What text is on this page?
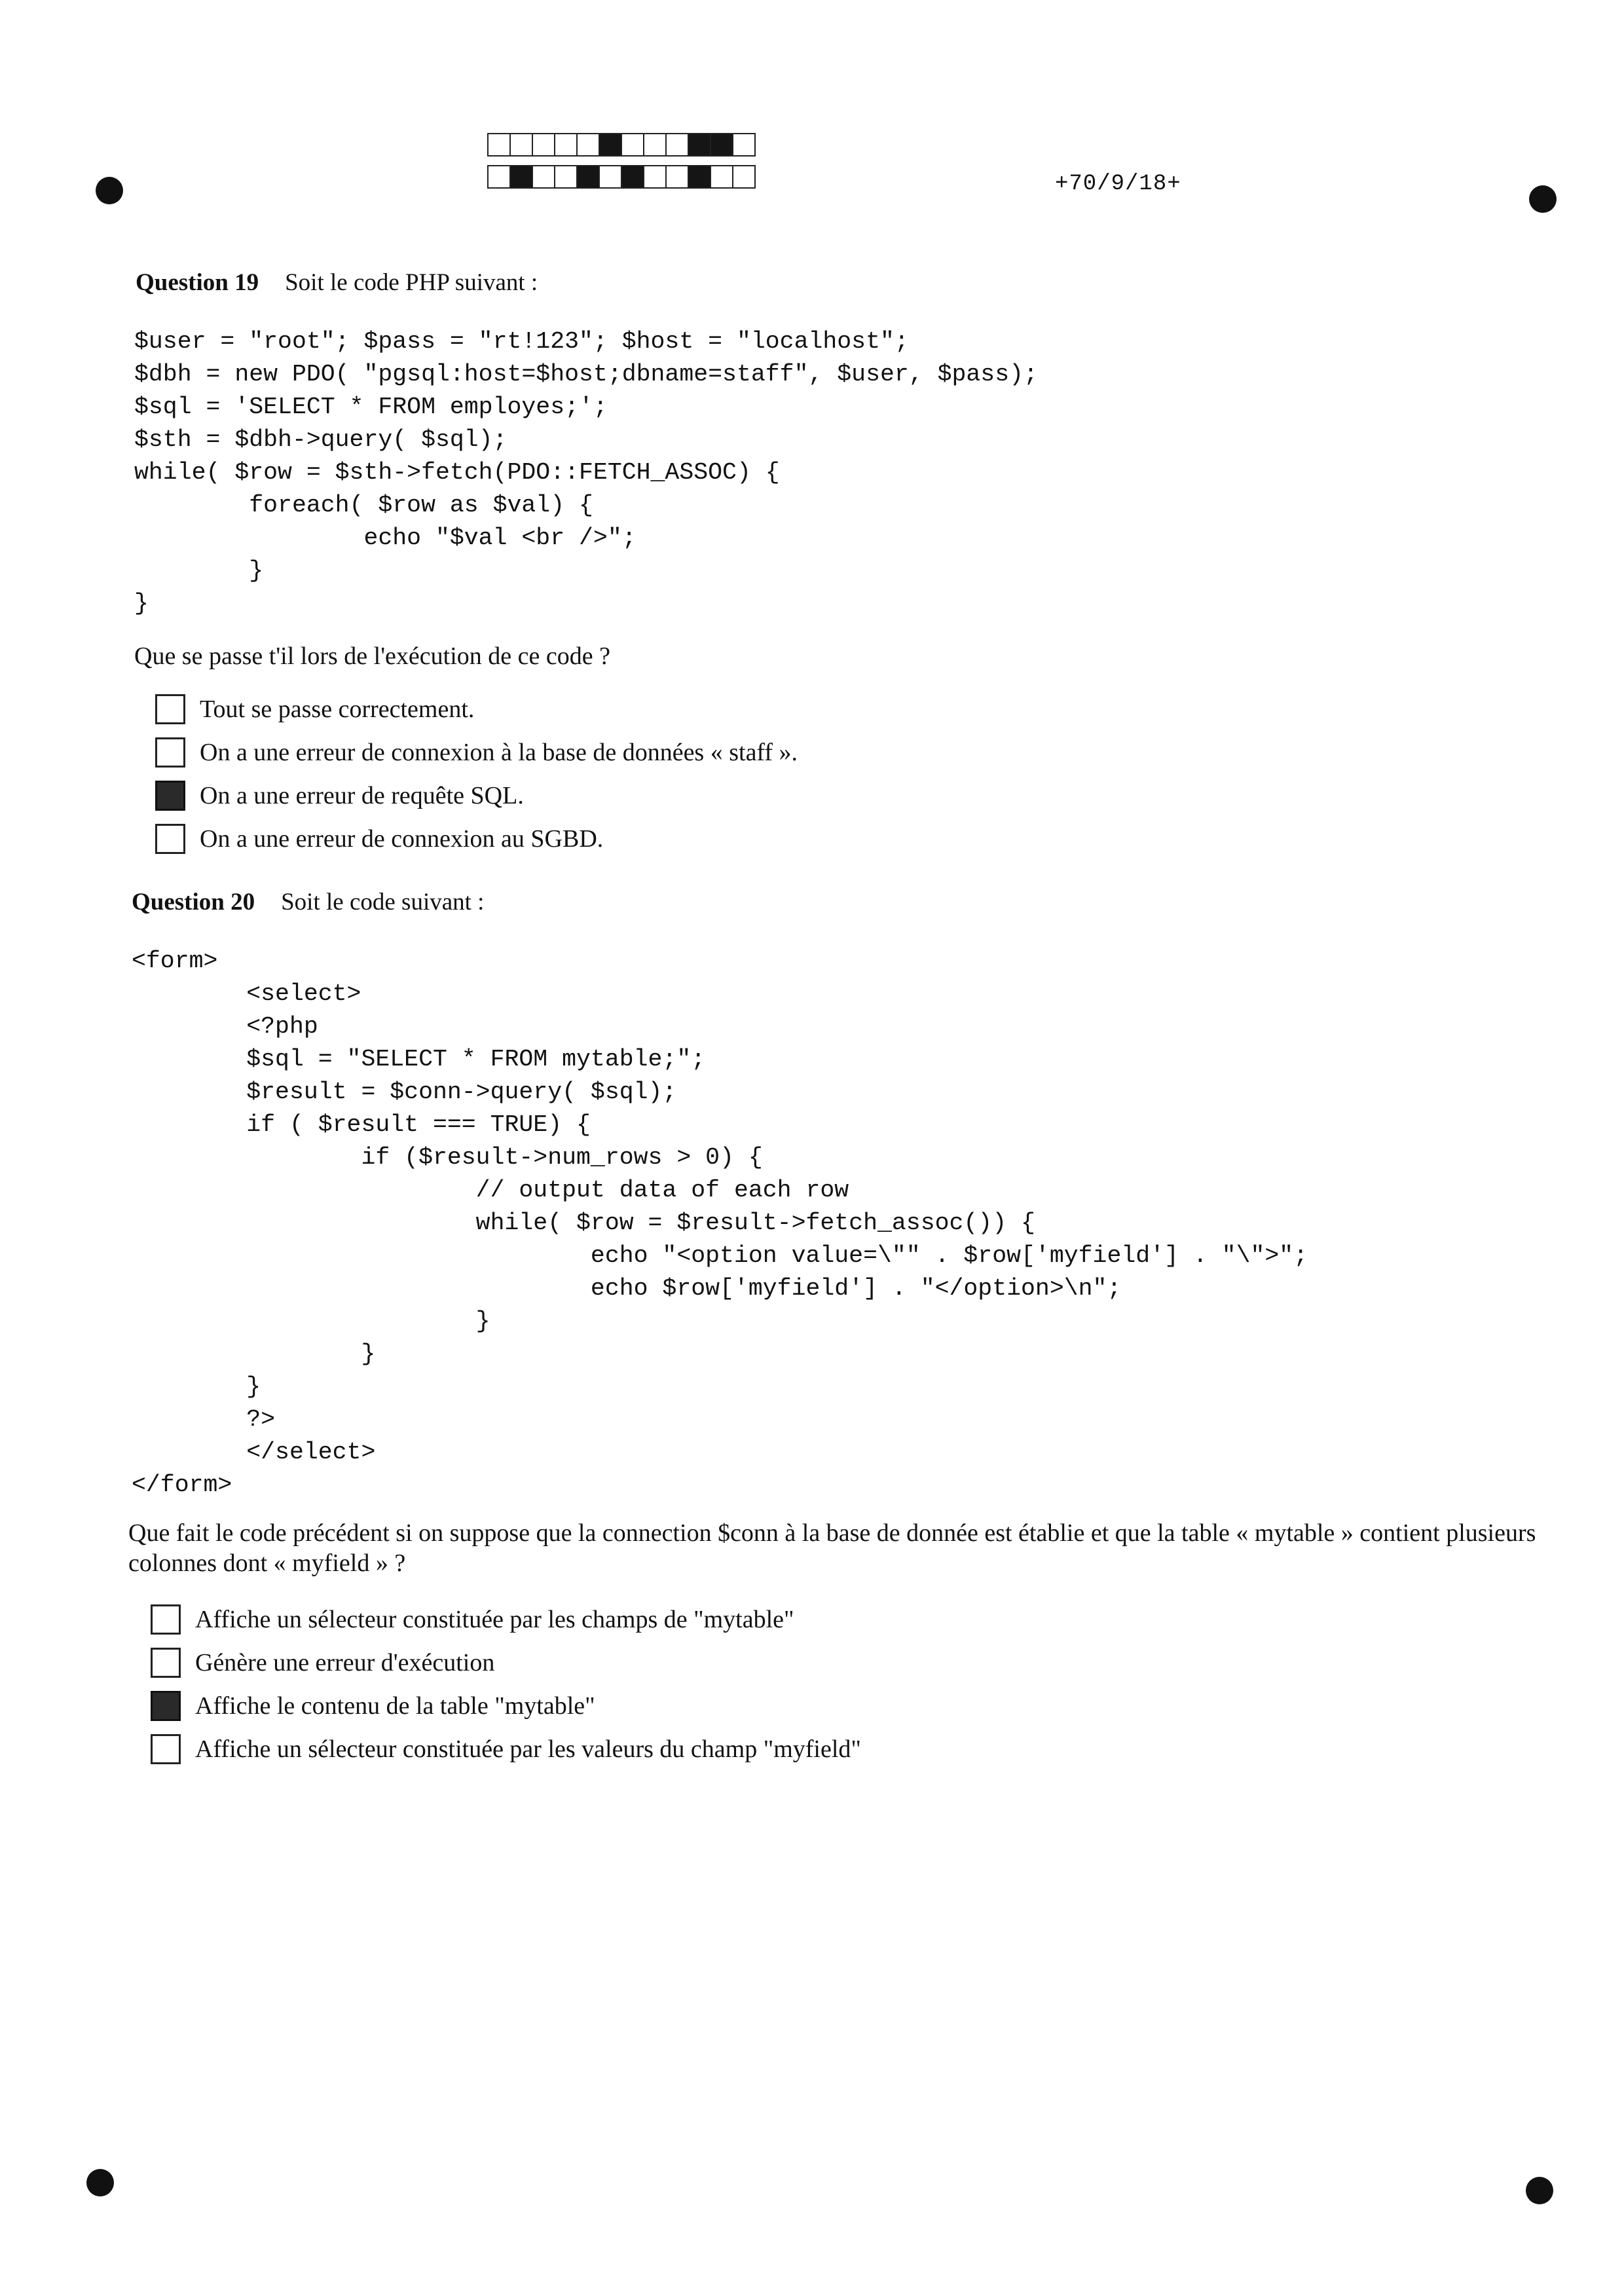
+70/9/18+
Question 19 Soit le code PHP suivant :
$user = "root"; $pass = "rt!123"; $host = "localhost";
$dbh = new PDO( "pgsql:host=$host;dbname=staff", $user, $pass);
$sql = 'SELECT * FROM employes;';
$sth = $dbh->query( $sql);
while( $row = $sth->fetch(PDO::FETCH_ASSOC) {
foreach( $row as $val) {
echo "$val <br />";
}
}

Que se passe t'il lors de l'exécution de ce code ?
Tout se passe correctement.
On a une erreur de connexion à la base de données « staff ».
On a une erreur de requête SQL.
On a une erreur de connexion au SGBD.
Question 20 Soit le code suivant :
<form>
<select>
<?php
$sql = "SELECT * FROM mytable;";
$result = $conn->query( $sql);
if ( $result === TRUE) {
if ($result->num_rows > 0) {
// output data of each row
while( $row = $result->fetch_assoc()) {
echo "<option value=\"" . $row['myfield'] . "\">";
echo $row['myfield'] . "</option>\n";
}
}
}
?>
</select>
</form>

Que fait le code précédent si on suppose que la connection $conn à la base de donnée est établie et que la table « mytable » contient plusieurs colonnes dont « myfield » ?
Affiche un sélecteur constituée par les champs de "mytable"
Génère une erreur d'exécution
Affiche le contenu de la table "mytable"
Affiche un sélecteur constituée par les valeurs du champ "myfield"
